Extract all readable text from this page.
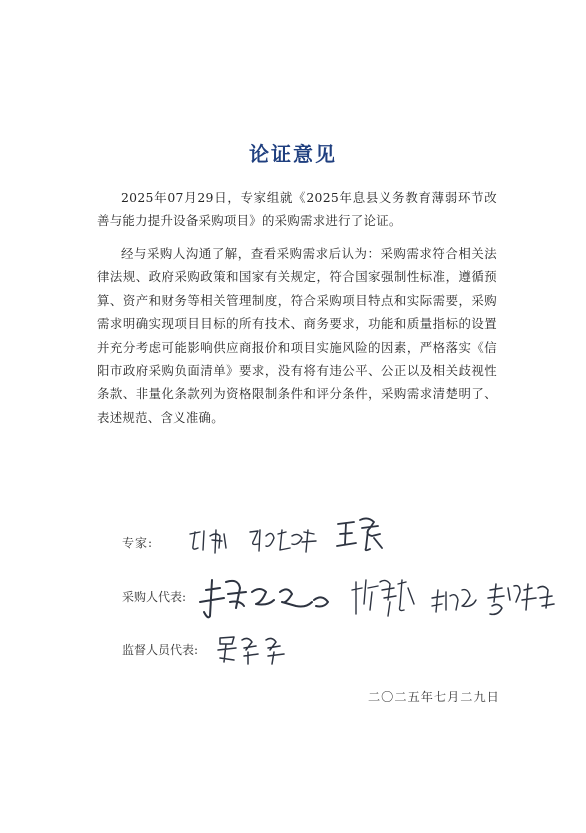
论证意见
2025年07月29日，专家组就《2025年息县义务教育薄弱环节改善与能力提升设备采购项目》的采购需求进行了论证。
经与采购人沟通了解，查看采购需求后认为：采购需求符合相关法律法规、政府采购政策和国家有关规定，符合国家强制性标准，遵循预算、资产和财务等相关管理制度，符合采购项目特点和实际需要，采购需求明确实现项目目标的所有技术、商务要求，功能和质量指标的设置并充分考虑可能影响供应商报价和项目实施风险的因素，严格落实《信阳市政府采购负面清单》要求，没有将有违公平、公正以及相关歧视性条款、非量化条款列为资格限制条件和评分条件，采购需求清楚明了、表述规范、含义准确。
专家:
采购人代表:
监督人员代表:
二〇二五年七月二九日
